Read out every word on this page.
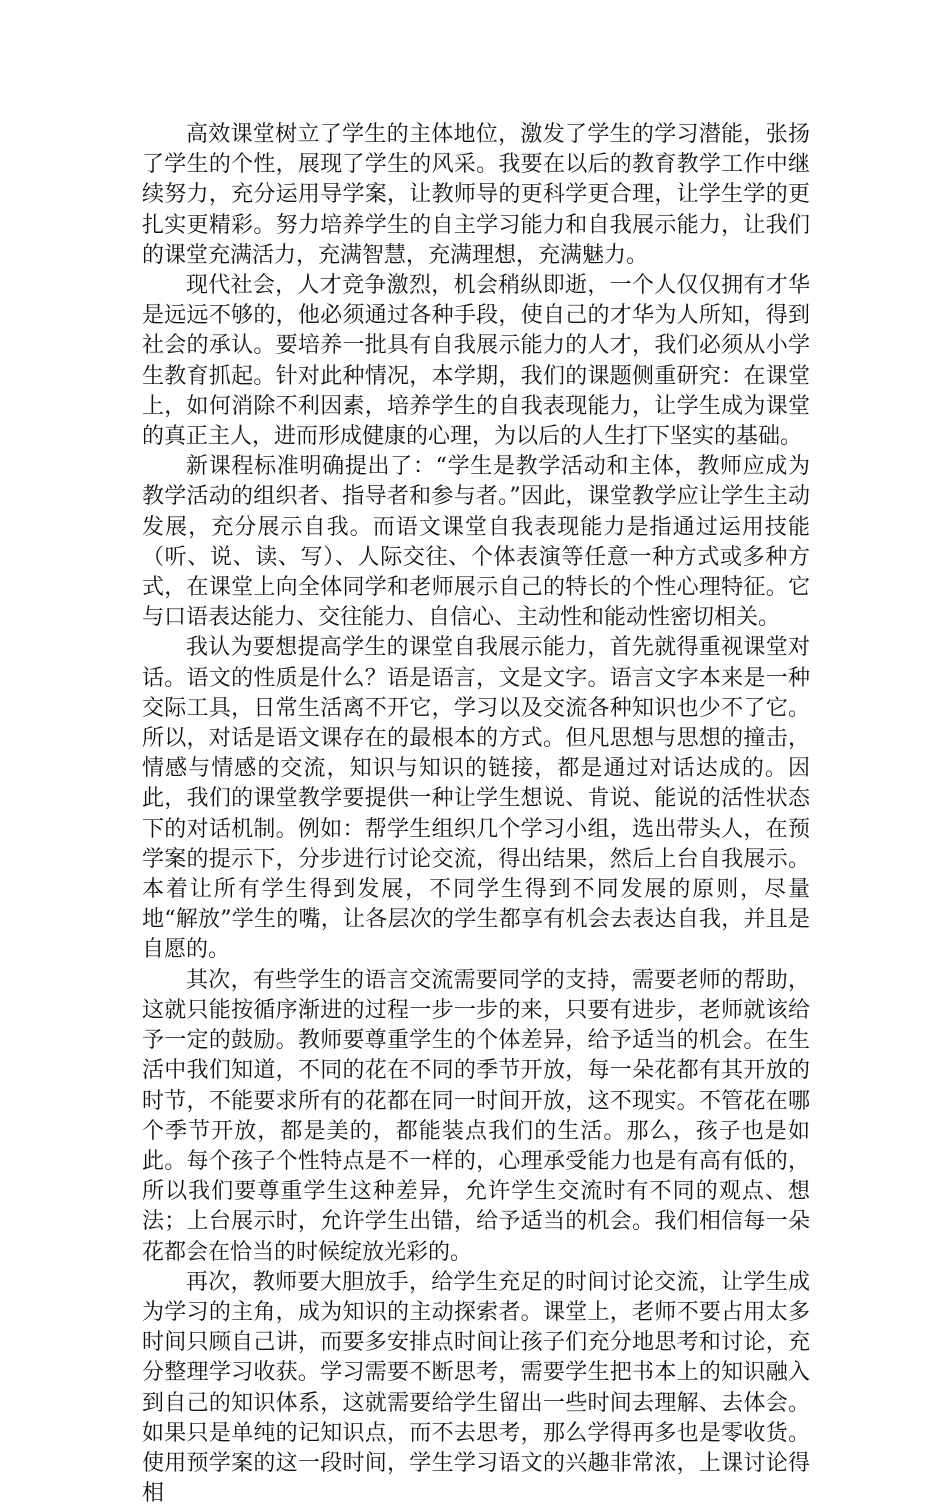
高效课堂树立了学生的主体地位，激发了学生的学习潜能，张扬了学生的个性，展现了学生的风采。我要在以后的教育教学工作中继续努力，充分运用导学案，让教师导的更科学更合理，让学生学的更扎实更精彩。努力培养学生的自主学习能力和自我展示能力，让我们的课堂充满活力，充满智慧，充满理想，充满魅力。

现代社会，人才竞争激烈，机会稍纵即逝，一个人仅仅拥有才华是远远不够的，他必须通过各种手段，使自己的才华为人所知，得到社会的承认。要培养一批具有自我展示能力的人才，我们必须从小学生教育抓起。针对此种情况，本学期，我们的课题侧重研究：在课堂上，如何消除不利因素，培养学生的自我表现能力，让学生成为课堂的真正主人，进而形成健康的心理，为以后的人生打下坚实的基础。

新课程标准明确提出了：“学生是教学活动和主体，教师应成为教学活动的组织者、指导者和参与者。”因此，课堂教学应让学生主动发展，充分展示自我。而语文课堂自我表现能力是指通过运用技能（听、说、读、写）、人际交往、个体表演等任意一种方式或多种方式，在课堂上向全体同学和老师展示自己的特长的个性心理特征。它与口语表达能力、交往能力、自信心、主动性和能动性密切相关。

我认为要想提高学生的课堂自我展示能力，首先就得重视课堂对话。语文的性质是什么？语是语言，文是文字。语言文字本来是一种交际工具，日常生活离不开它，学习以及交流各种知识也少不了它。所以，对话是语文课存在的最根本的方式。但凡思想与思想的撞击，情感与情感的交流，知识与知识的链接，都是通过对话达成的。因此，我们的课堂教学要提供一种让学生想说、肯说、能说的活性状态下的对话机制。例如：帮学生组织几个学习小组，选出带头人，在预学案的提示下，分步进行讨论交流，得出结果，然后上台自我展示。本着让所有学生得到发展，不同学生得到不同发展的原则，尽量地“解放”学生的嘴，让各层次的学生都享有机会去表达自我，并且是自愿的。

其次，有些学生的语言交流需要同学的支持，需要老师的帮助，这就只能按循序渐进的过程一步一步的来，只要有进步，老师就该给予一定的鼓励。教师要尊重学生的个体差异，给予适当的机会。在生活中我们知道，不同的花在不同的季节开放，每一朵花都有其开放的时节，不能要求所有的花都在同一时间开放，这不现实。不管花在哪个季节开放，都是美的，都能装点我们的生活。那么，孩子也是如此。每个孩子个性特点是不一样的，心理承受能力也是有高有低的，所以我们要尊重学生这种差异，允许学生交流时有不同的观点、想法；上台展示时，允许学生出错，给予适当的机会。我们相信每一朵花都会在恰当的时候绽放光彩的。

再次，教师要大胆放手，给学生充足的时间讨论交流，让学生成为学习的主角，成为知识的主动探索者。课堂上，老师不要占用太多时间只顾自己讲，而要多安排点时间让孩子们充分地思考和讨论，充分整理学习收获。学习需要不断思考，需要学生把书本上的知识融入到自己的知识体系，这就需要给学生留出一些时间去理解、去体会。如果只是单纯的记知识点，而不去思考，那么学得再多也是零收货。使用预学案的这一段时间，学生学习语文的兴趣非常浓，上课讨论得相
